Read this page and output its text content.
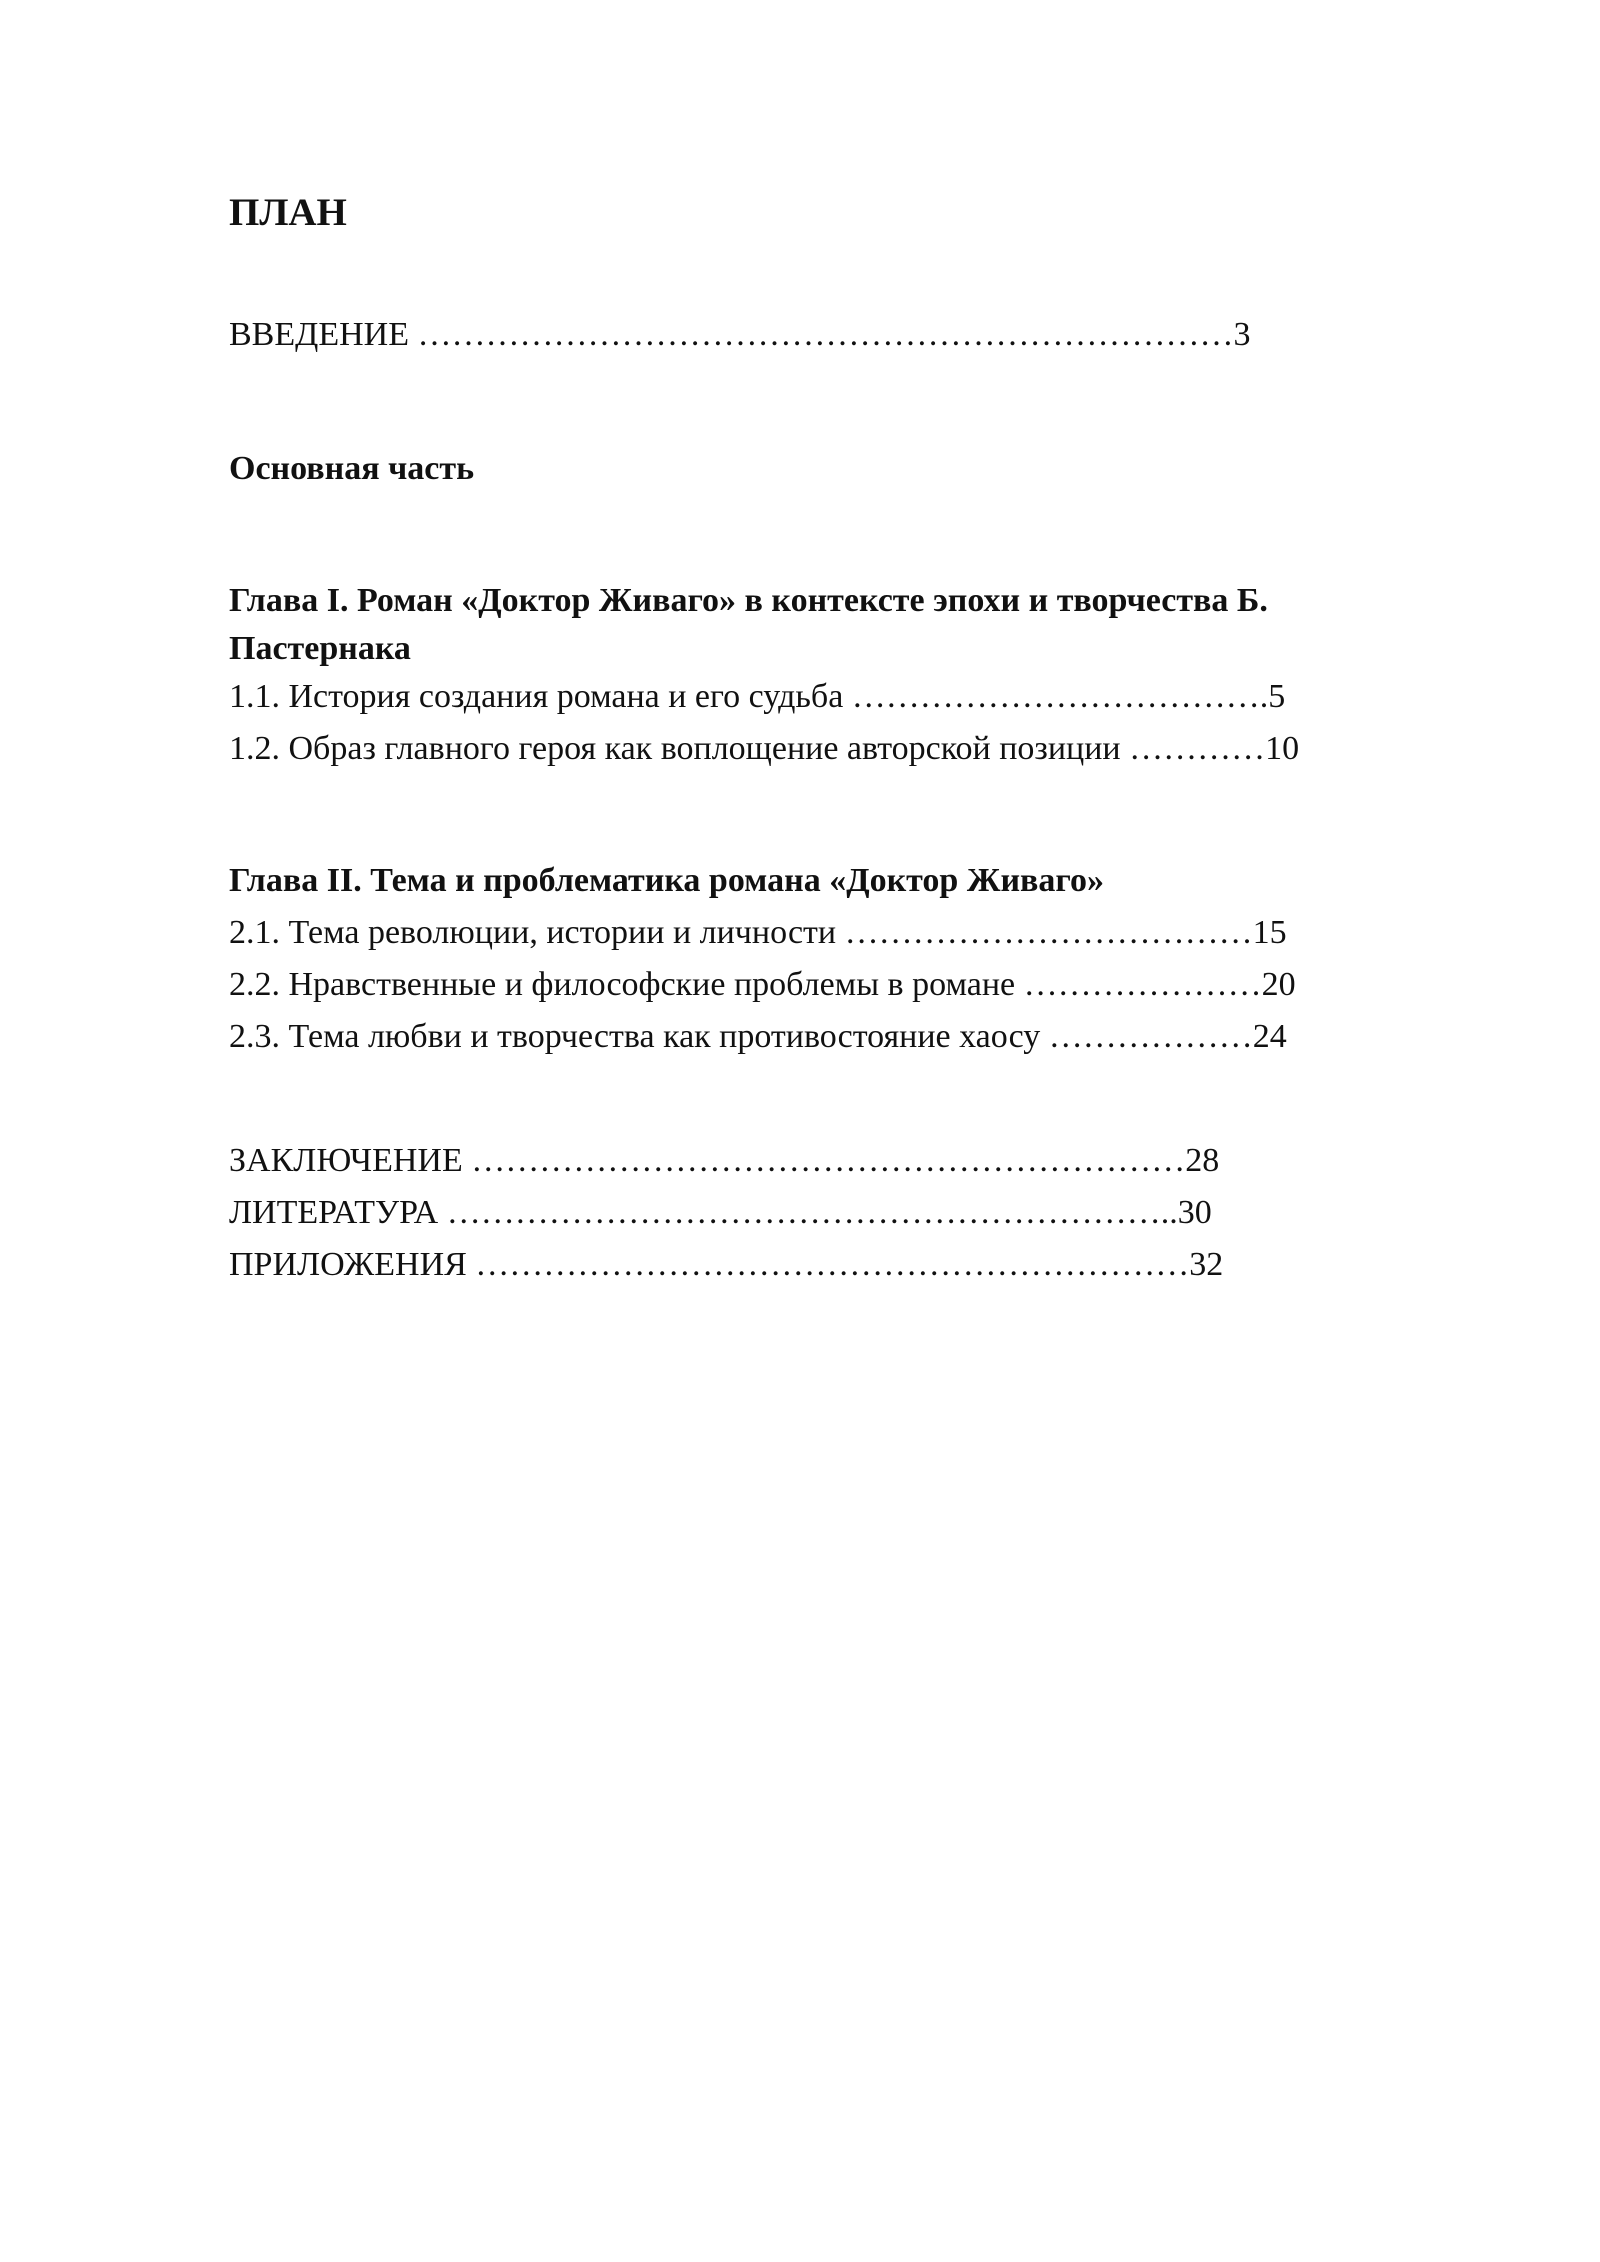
ПЛАН
ВВЕДЕНИЕ ………………………………………………………………3
Основная часть
Глава I. Роман «Доктор Живаго» в контексте эпохи и творчества Б.
Пастернака
1.1. История создания романа и его судьба ……………………………….5
1.2. Образ главного героя как воплощение авторской позиции …………10
Глава II. Тема и проблематика романа «Доктор Живаго»
2.1. Тема революции, истории и личности ………………………………15
2.2. Нравственные и философские проблемы в романе …………………20
2.3. Тема любви и творчества как противостояние хаосу ………………24
ЗАКЛЮЧЕНИЕ ………………………………………………………28
ЛИТЕРАТУРА ………………………………………………………..30
ПРИЛОЖЕНИЯ ………………………………………………………32
